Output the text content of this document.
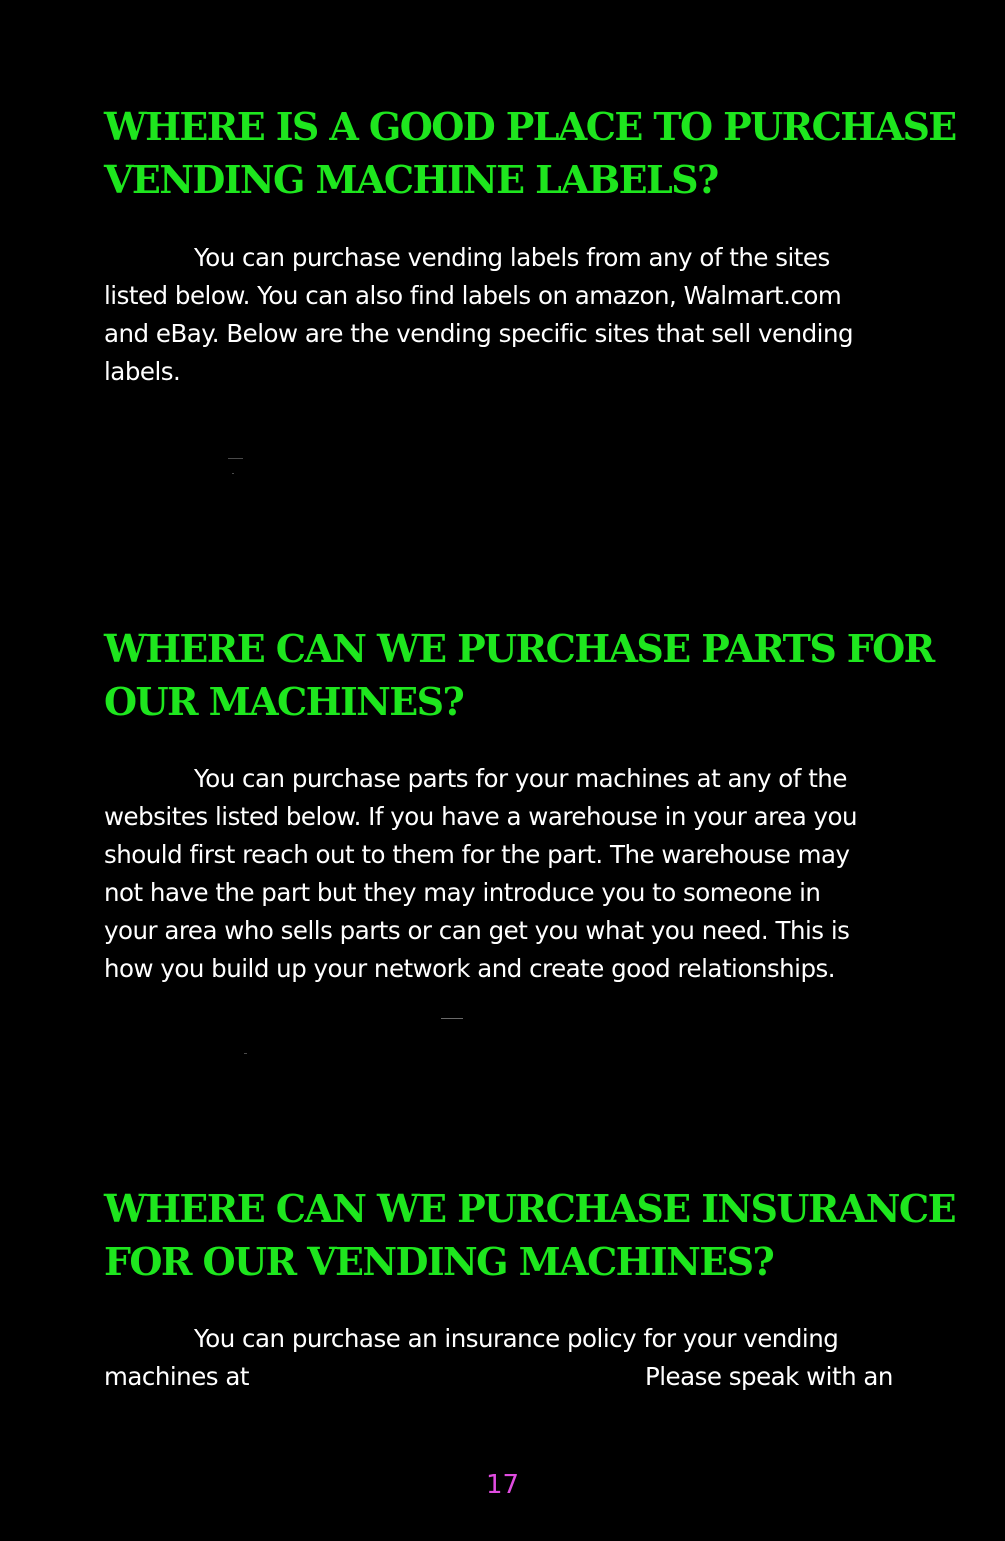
WHERE IS A GOOD PLACE TO PURCHASE
VENDING MACHINE LABELS?
You can purchase vending labels from any of the sites
listed below. You can also find labels on amazon, Walmart.com
and eBay. Below are the vending specific sites that sell vending
labels.
WHERE CAN WE PURCHASE PARTS FOR
OUR MACHINES?
You can purchase parts for your machines at any of the
websites listed below. If you have a warehouse in your area you
should first reach out to them for the part. The warehouse may
not have the part but they may introduce you to someone in
your area who sells parts or can get you what you need. This is
how you build up your network and create good relationships.
WHERE CAN WE PURCHASE INSURANCE
FOR OUR VENDING MACHINES?
You can purchase an insurance policy for your vending
machines at	Please speak with an
17
